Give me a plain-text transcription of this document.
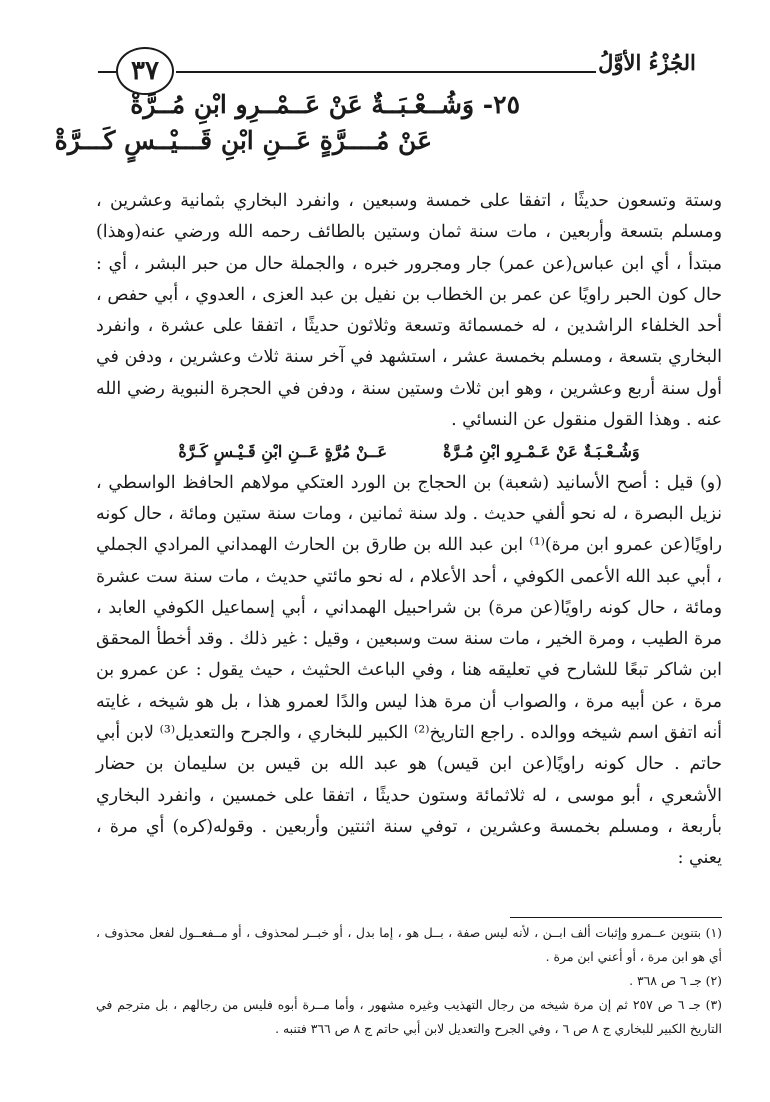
٣٧	الجُزْءُ الأوَّلُ
٢٥- وَشُــعْـبَــةٌ عَنْ عَــمْــرِو ابْنِ مُــرَّةْ
عَنْ مُــــرَّةٍ عَــنِ ابْنِ قَـــيْــسٍ كَـــرَّةْ

وستة وتسعون حديثًا ، اتفقا على خمسة وسبعين ، وانفرد البخاري بثمانية وعشرين ، ومسلم بتسعة وأربعين ، مات سنة ثمان وستين بالطائف رحمه الله ورضي عنه(وهذا) مبتدأ ، أي ابن عباس(عن عمر) جار ومجرور خبره ، والجملة حال من حبر البشر ، أي : حال كون الحبر راويًا عن عمر بن الخطاب بن نفيل بن عبد العزى ، العدوي ، أبي حفص ، أحد الخلفاء الراشدين ، له خمسمائة وتسعة وثلاثون حديثًا ، اتفقا على عشرة ، وانفرد البخاري بتسعة ، ومسلم بخمسة عشر ، استشهد في آخر سنة ثلاث وعشرين ، ودفن في أول سنة أربع وعشرين ، وهو ابن ثلاث وستين سنة ، ودفن في الحجرة النبوية رضي الله عنه . وهذا القول منقول عن النسائي .

وَشُـعْـبَـةٌ عَنْ عَـمْـرِو ابْنِ مُـرَّةْ
عَــنْ مُرَّةٍ عَــنِ ابْنِ قَـيْـسٍ كَـرَّةْ

(و) قيل : أصح الأسانيد (شعبة) بن الحجاج بن الورد العتكي مولاهم الحافظ الواسطي ، نزيل البصرة ، له نحو ألفي حديث . ولد سنة ثمانين ، ومات سنة ستين ومائة ، حال كونه راويًا(عن عمرو ابن مرة)⁽¹⁾ ابن عبد الله بن طارق بن الحارث الهمداني المرادي الجملي ، أبي عبد الله الأعمى الكوفي ، أحد الأعلام ، له نحو مائتي حديث ، مات سنة ست عشرة ومائة ، حال كونه راويًا(عن مرة) بن شراحبيل الهمداني ، أبي إسماعيل الكوفي العابد ، مرة الطيب ، ومرة الخير ، مات سنة ست وسبعين ، وقيل : غير ذلك . وقد أخطأ المحقق ابن شاكر تبعًا للشارح في تعليقه هنا ، وفي الباعث الحثيث ، حيث يقول : عن عمرو بن مرة ، عن أبيه مرة ، والصواب أن مرة هذا ليس والدًا لعمرو هذا ، بل هو شيخه ، غايته أنه اتفق اسم شيخه ووالده . راجع التاريخ⁽²⁾ الكبير للبخاري ، والجرح والتعديل⁽³⁾ لابن أبي حاتم . حال كونه راويًا(عن ابن قيس) هو عبد الله بن قيس بن سليمان بن حضار الأشعري ، أبو موسى ، له ثلاثمائة وستون حديثًا ، اتفقا على خمسين ، وانفرد البخاري بأربعة ، ومسلم بخمسة وعشرين ، توفي سنة اثنتين وأربعين . وقوله(كره) أي مرة ، يعني :

(١) بتنوين عــمرو وإثبات ألف ابــن ، لأنه ليس صفة ، بــل هو ، إما بدل ، أو خبــر لمحذوف ، أو مــفعــول لفعل محذوف ، أي هو ابن مرة ، أو أعني ابن مرة .

(٢) جـ ٦ ص ٣٦٨ .

(٣) جـ ٦ ص ٢٥٧ ثم إن مرة شيخه من رجال التهذيب وغيره مشهور ، وأما مــرة أبوه فليس من رجالهم ، بل مترجم في التاريخ الكبير للبخاري ج ٨ ص ٦ ، وفي الجرح والتعديل لابن أبي حاتم ج ٨ ص ٣٦٦ فتنبه .
